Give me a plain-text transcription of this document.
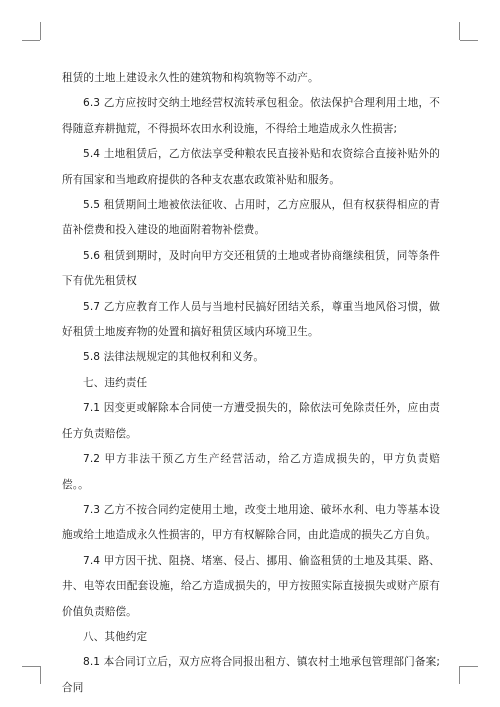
租赁的土地上建设永久性的建筑物和构筑物等不动产。

6.3 乙方应按时交纳土地经营权流转承包租金。依法保护合理利用土地，不得随意弃耕抛荒，不得损坏农田水利设施，不得给土地造成永久性损害;

5.4 土地租赁后，乙方依法享受种粮农民直接补贴和农资综合直接补贴外的所有国家和当地政府提供的各种支农惠农政策补贴和服务。

5.5 租赁期间土地被依法征收、占用时，乙方应服从，但有权获得相应的青苗补偿费和投入建设的地面附着物补偿费。

5.6 租赁到期时，及时向甲方交还租赁的土地或者协商继续租赁，同等条件下有优先租赁权

5.7 乙方应教育工作人员与当地村民搞好团结关系，尊重当地风俗习惯，做好租赁土地废弃物的处置和搞好租赁区域内环境卫生。

5.8 法律法规规定的其他权利和义务。

七、违约责任

7.1 因变更或解除本合同使一方遭受损失的，除依法可免除责任外，应由责任方负责赔偿。

7.2 甲方非法干预乙方生产经营活动，给乙方造成损失的，甲方负责赔偿。。

7.3 乙方不按合同约定使用土地，改变土地用途、破坏水利、电力等基本设施或给土地造成永久性损害的，甲方有权解除合同，由此造成的损失乙方自负。

7.4 甲方因干扰、阻挠、堵塞、侵占、挪用、偷盗租赁的土地及其渠、路、井、电等农田配套设施，给乙方造成损失的，甲方按照实际直接损失或财产原有价值负责赔偿。

八、其他约定

8.1 本合同订立后，双方应将合同报出租方、镇农村土地承包管理部门备案;合同
